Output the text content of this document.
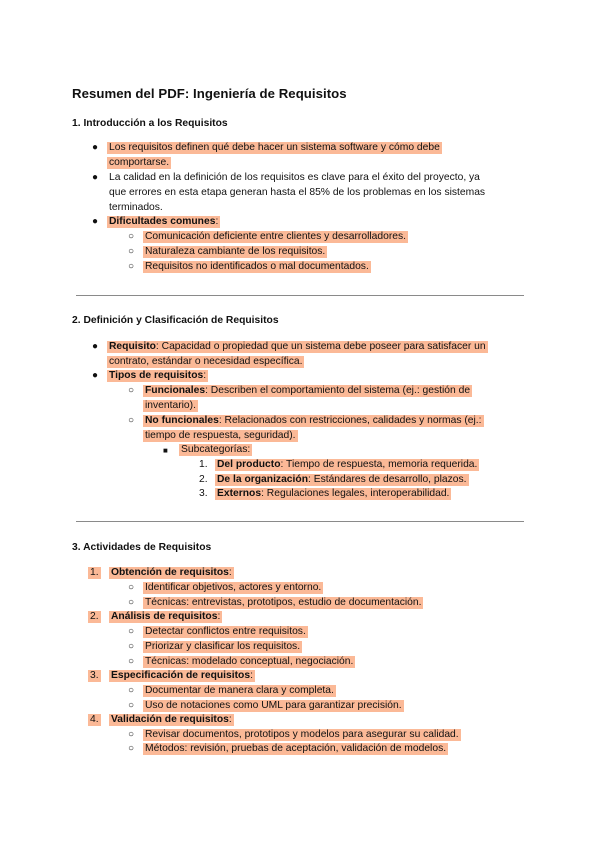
Resumen del PDF: Ingeniería de Requisitos
1. Introducción a los Requisitos
● Los requisitos definen qué debe hacer un sistema software y cómo debe
comportarse.
● La calidad en la definición de los requisitos es clave para el éxito del proyecto, ya
que errores en esta etapa generan hasta el 85% de los problemas en los sistemas
terminados.
● Dificultades comunes:
○ Comunicación deficiente entre clientes y desarrolladores.
○ Naturaleza cambiante de los requisitos.
○ Requisitos no identificados o mal documentados.
2. Definición y Clasificación de Requisitos
● Requisito: Capacidad o propiedad que un sistema debe poseer para satisfacer un
contrato, estándar o necesidad específica.
● Tipos de requisitos:
○ Funcionales: Describen el comportamiento del sistema (ej.: gestión de
inventario).
○ No funcionales: Relacionados con restricciones, calidades y normas (ej.:
tiempo de respuesta, seguridad).
■ Subcategorías:
1. Del producto: Tiempo de respuesta, memoria requerida.
2. De la organización: Estándares de desarrollo, plazos.
3. Externos: Regulaciones legales, interoperabilidad.
3. Actividades de Requisitos
1. Obtención de requisitos:
○ Identificar objetivos, actores y entorno.
○ Técnicas: entrevistas, prototipos, estudio de documentación.
2. Análisis de requisitos:
○ Detectar conflictos entre requisitos.
○ Priorizar y clasificar los requisitos.
○ Técnicas: modelado conceptual, negociación.
3. Especificación de requisitos:
○ Documentar de manera clara y completa.
○ Uso de notaciones como UML para garantizar precisión.
4. Validación de requisitos:
○ Revisar documentos, prototipos y modelos para asegurar su calidad.
○ Métodos: revisión, pruebas de aceptación, validación de modelos.
